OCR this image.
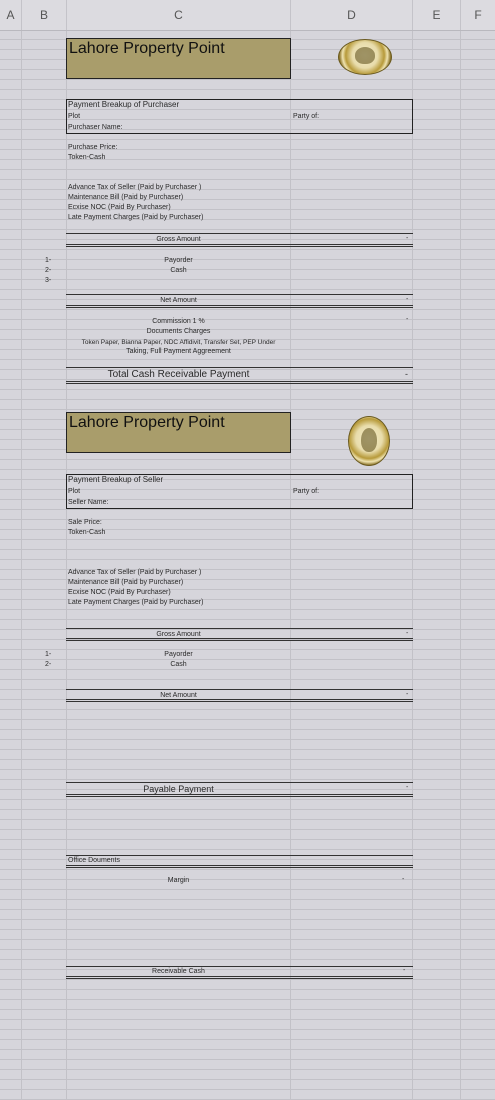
A	B	C	D	E	F
Lahore Property Point
Payment Breakup of Purchaser
Plot	Party of:
Purchaser Name:
Purchase Price:
Token-Cash
Advance Tax of Seller (Paid by Purchaser )
Maintenance Bill (Paid by Purchaser)
Ecxise NOC (Paid By Purchaser)
Late Payment Charges (Paid by Purchaser)
Gross Amount	-
1-
2-
3-
Payorder
Cash
Net Amount	-
Commission 1 %	-
Documents Charges
Token Paper, Bianna Paper, NDC Affidivit, Transfer Set, PEP Under
Taking, Full Payment Aggreement
Total Cash Receivable Payment	-
Lahore Property Point
Payment Breakup of Seller
Plot	Party of:
Seller Name:
Sale Price:
Token-Cash
Advance Tax of Seller (Paid by Purchaser )
Maintenance Bill (Paid by Purchaser)
Ecxise NOC (Paid By Purchaser)
Late Payment Charges (Paid by Purchaser)
Gross Amount	-
1-
2-
Payorder
Cash
Net Amount	-
Payable Payment	-
Office Douments
Margin	-
Receivable Cash	-
